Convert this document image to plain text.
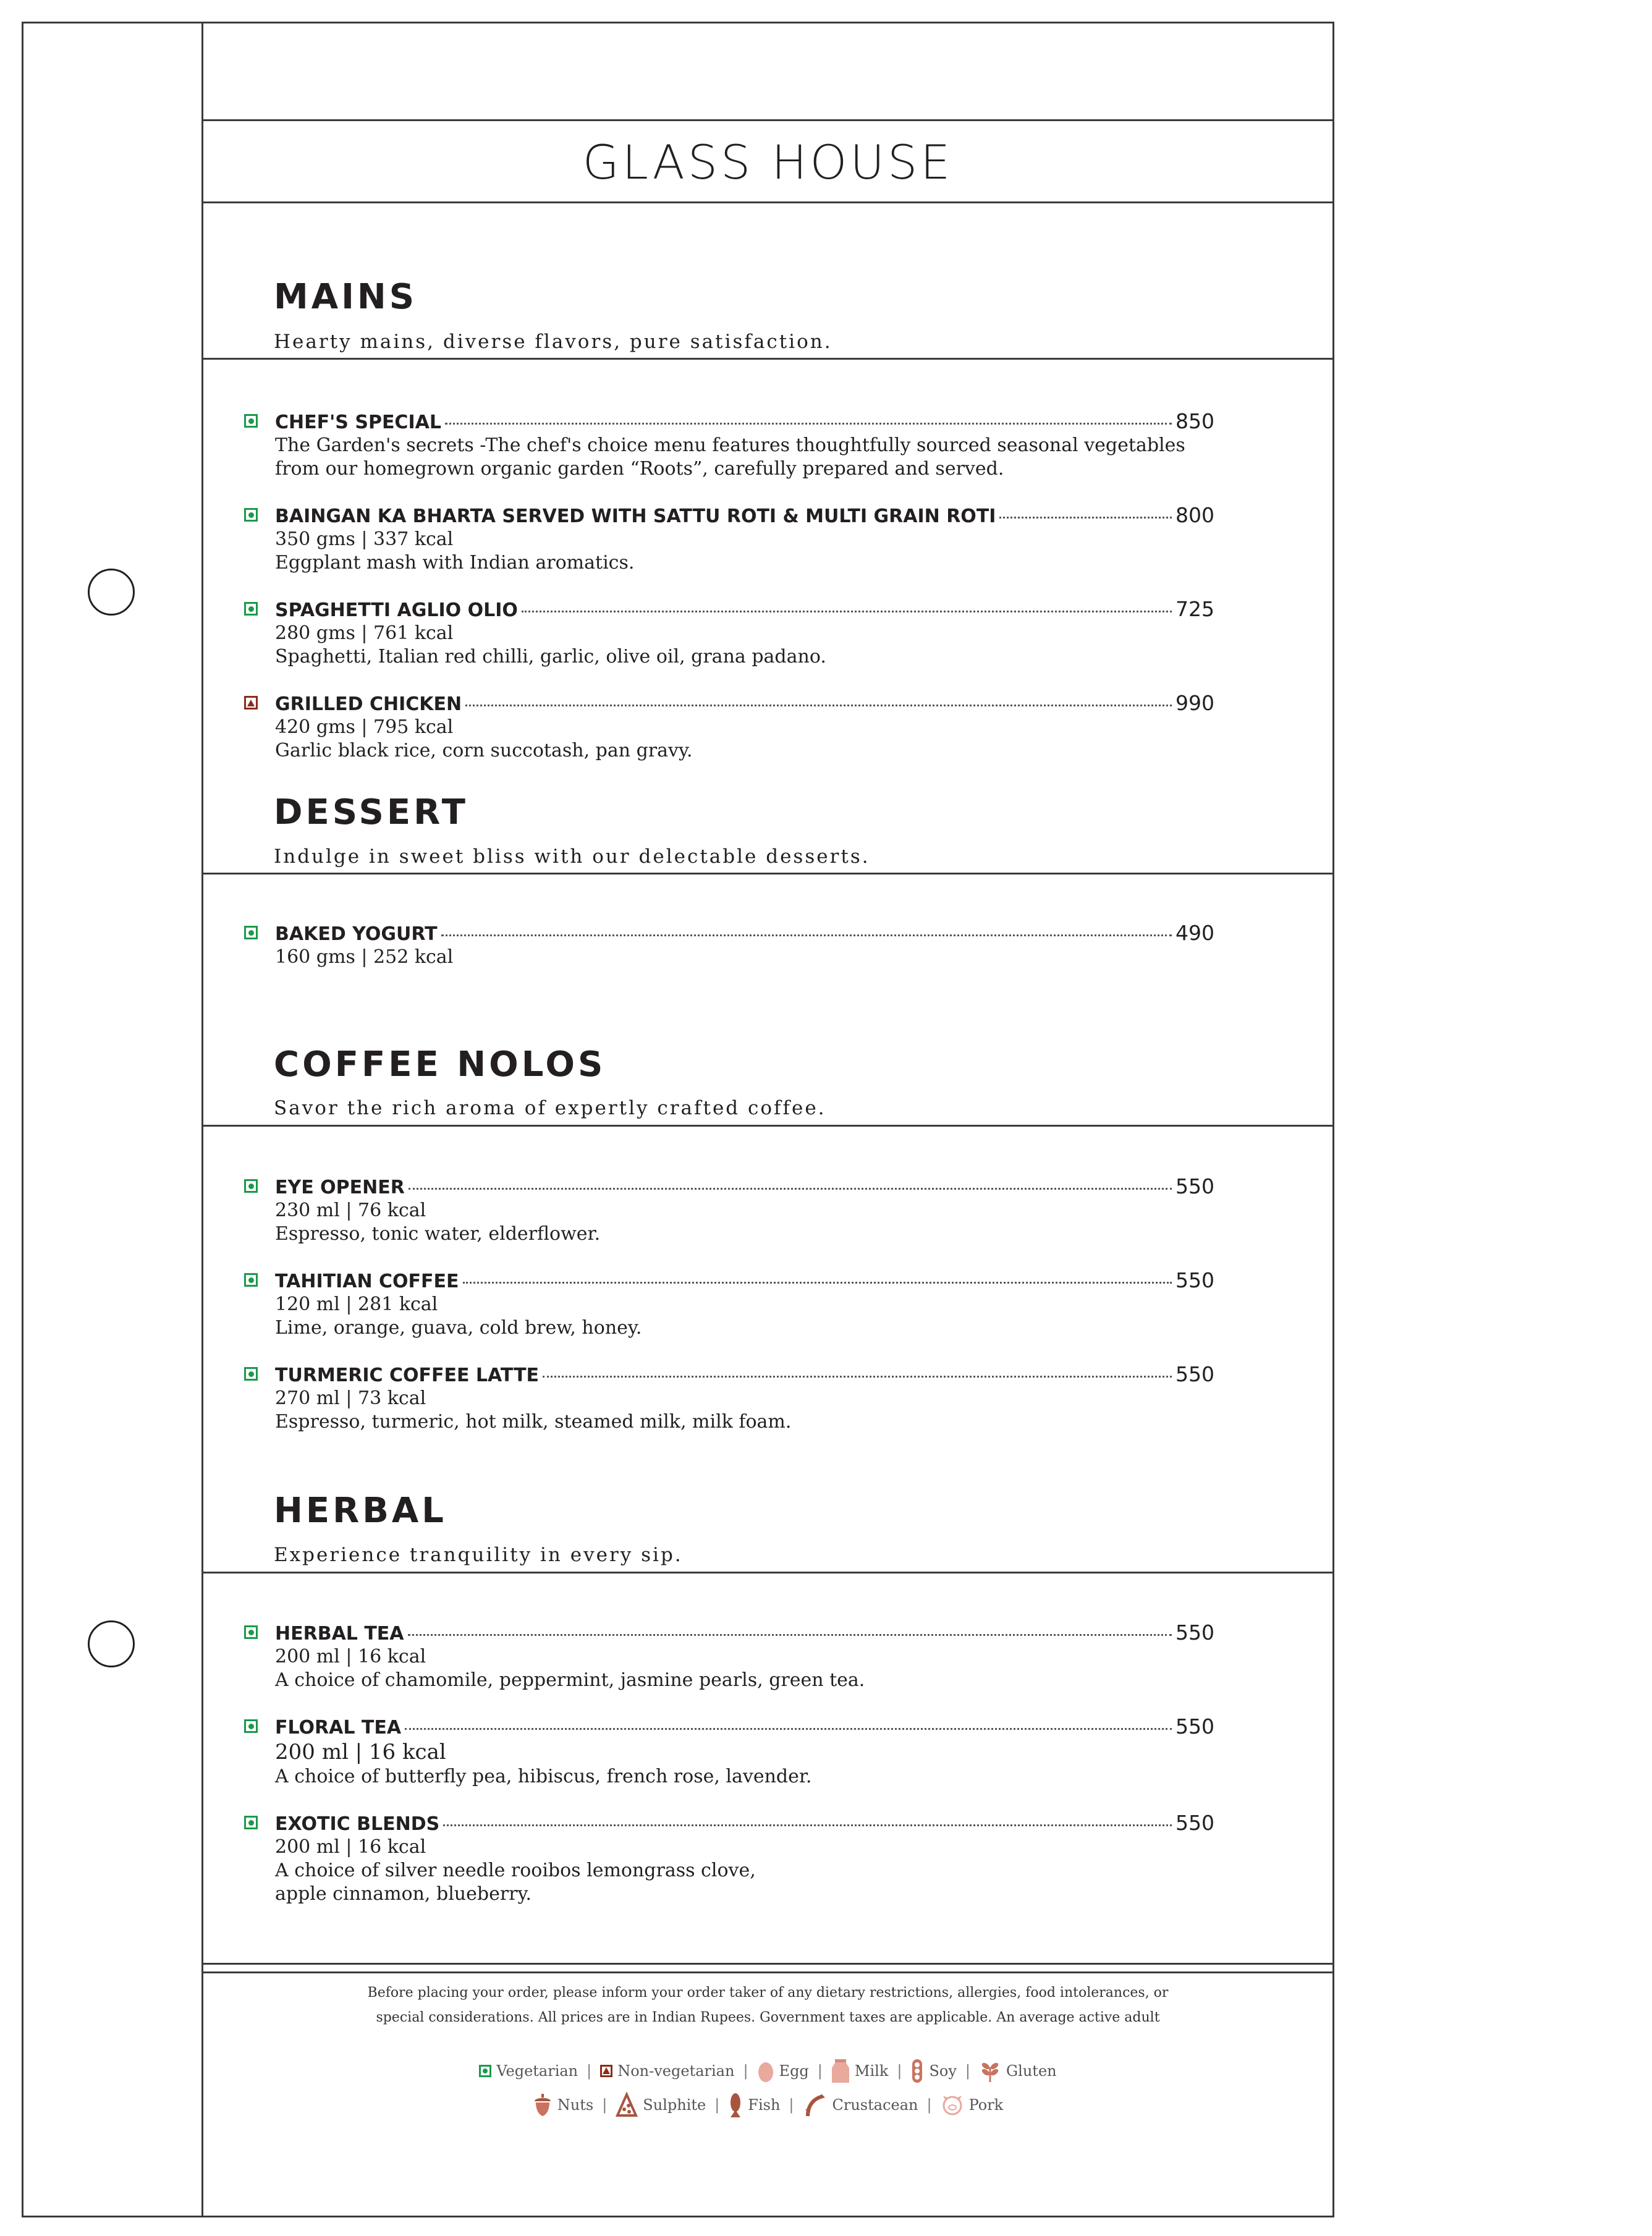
GLASS HOUSE
MAINS
Hearty mains, diverse flavors, pure satisfaction.
CHEF'S SPECIAL	850
The Garden's secrets -The chef's choice menu features thoughtfully sourced seasonal vegetables
from our homegrown organic garden “Roots”, carefully prepared and served.
BAINGAN KA BHARTA SERVED WITH SATTU ROTI & MULTI GRAIN ROTI	800
350 gms | 337 kcal
Eggplant mash with Indian aromatics.
SPAGHETTI AGLIO OLIO	725
280 gms | 761 kcal
Spaghetti, Italian red chilli, garlic, olive oil, grana padano.
GRILLED CHICKEN	990
420 gms | 795 kcal
Garlic black rice, corn succotash, pan gravy.
DESSERT
Indulge in sweet bliss with our delectable desserts.
BAKED YOGURT	490
160 gms | 252 kcal
COFFEE NOLOS
Savor the rich aroma of expertly crafted coffee.
EYE OPENER	550
230 ml | 76 kcal
Espresso, tonic water, elderflower.
TAHITIAN COFFEE	550
120 ml | 281 kcal
Lime, orange, guava, cold brew, honey.
TURMERIC COFFEE LATTE	550
270 ml | 73 kcal
Espresso, turmeric, hot milk, steamed milk, milk foam.
HERBAL
Experience tranquility in every sip.
HERBAL TEA	550
200 ml | 16 kcal
A choice of chamomile, peppermint, jasmine pearls, green tea.
FLORAL TEA	550
200 ml | 16 kcal
A choice of butterfly pea, hibiscus, french rose, lavender.
EXOTIC BLENDS	550
200 ml | 16 kcal
A choice of silver needle rooibos lemongrass clove,
apple cinnamon, blueberry.
Before placing your order, please inform your order taker of any dietary restrictions, allergies, food intolerances, or
special considerations. All prices are in Indian Rupees. Government taxes are applicable. An average active adult
Vegetarian | Non-vegetarian | Egg | Milk | Soy | Gluten
Nuts | Sulphite | Fish |	Crustacean |	Pork
